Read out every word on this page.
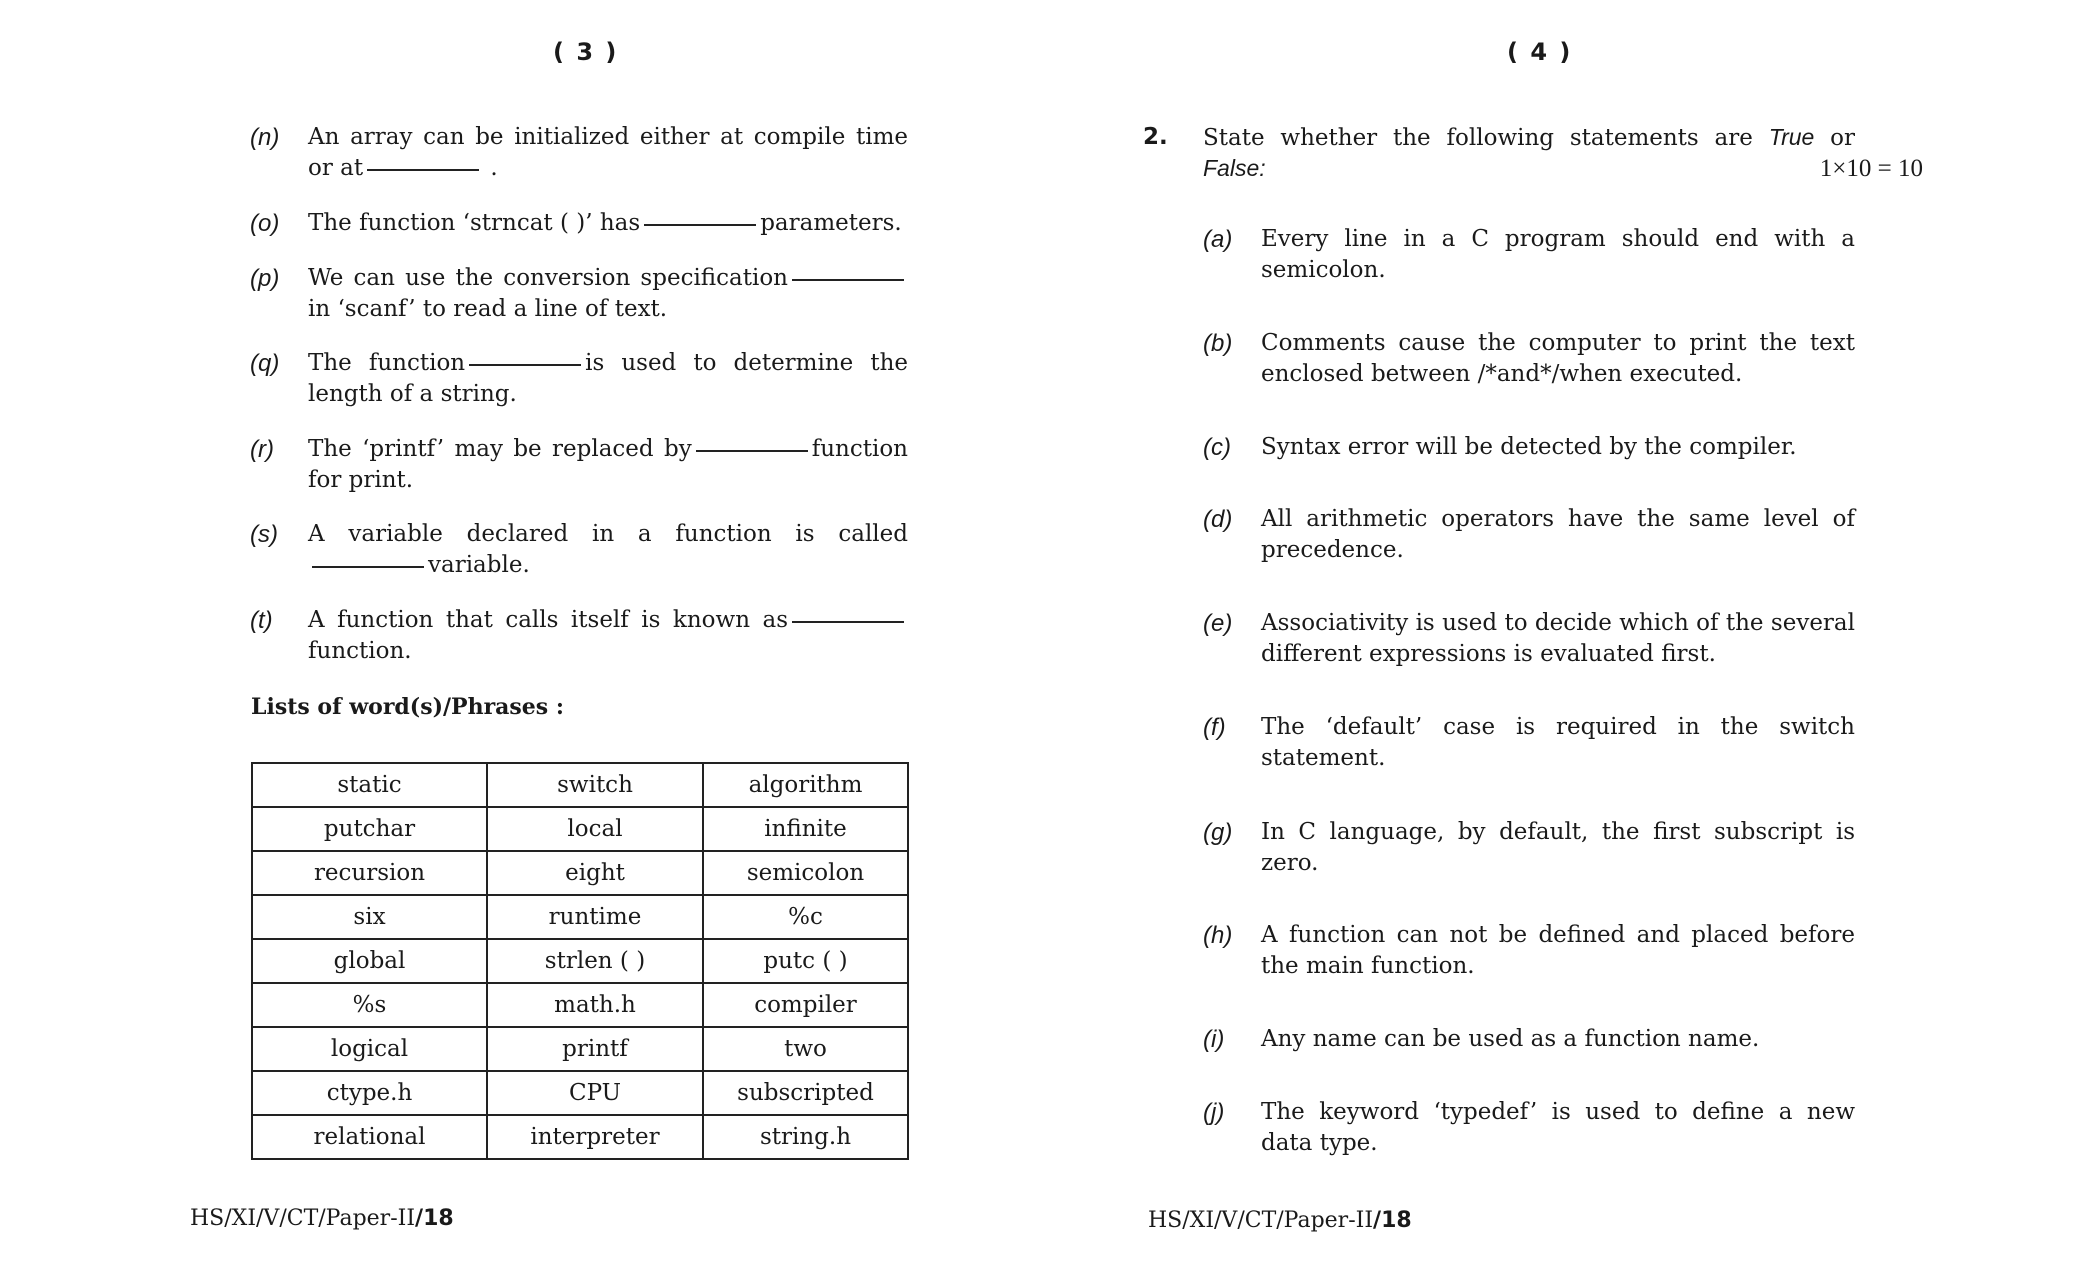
( 3 )
(n) An array can be initialized either at compile time or at	.
(o) The function ‘strncat ( )’ has	parameters.
(p) We can use the conversion specificationin ‘scanf’ to read a line of text.
(q) The function	is used to determine the length of a string.
(r) The ‘printf’ may be replaced by	function for print.
(s) A variable declared in a function is calledvariable.
(t) A function that calls itself is known asfunction.
Lists of word(s)/Phrases :
static	switch	algorithm
putchar	local	infinite
recursion	eight	semicolon
six	runtime	%c
global	strlen ( )	putc ( )
%s	math.h	compiler
logical	printf	two
ctype.h	CPU	subscripted
relational	interpreter	string.h
HS/XI/V/CT/Paper-II/18
( 4 )
2. State whether the following statements are True or
False:	1×10 = 10
(a) Every line in a C program should end with a semicolon.
(b) Comments cause the computer to print the text enclosed between /*and*/when executed.
(c) Syntax error will be detected by the compiler.
(d) All arithmetic operators have the same level of precedence.
(e) Associativity is used to decide which of the several different expressions is evaluated first.
(f) The ‘default’ case is required in the switch statement.
(g) In C language, by default, the first subscript is zero.
(h) A function can not be defined and placed before the main function.
(i) Any name can be used as a function name.
(j) The keyword ‘typedef’ is used to define a new data type.
HS/XI/V/CT/Paper-II/18
